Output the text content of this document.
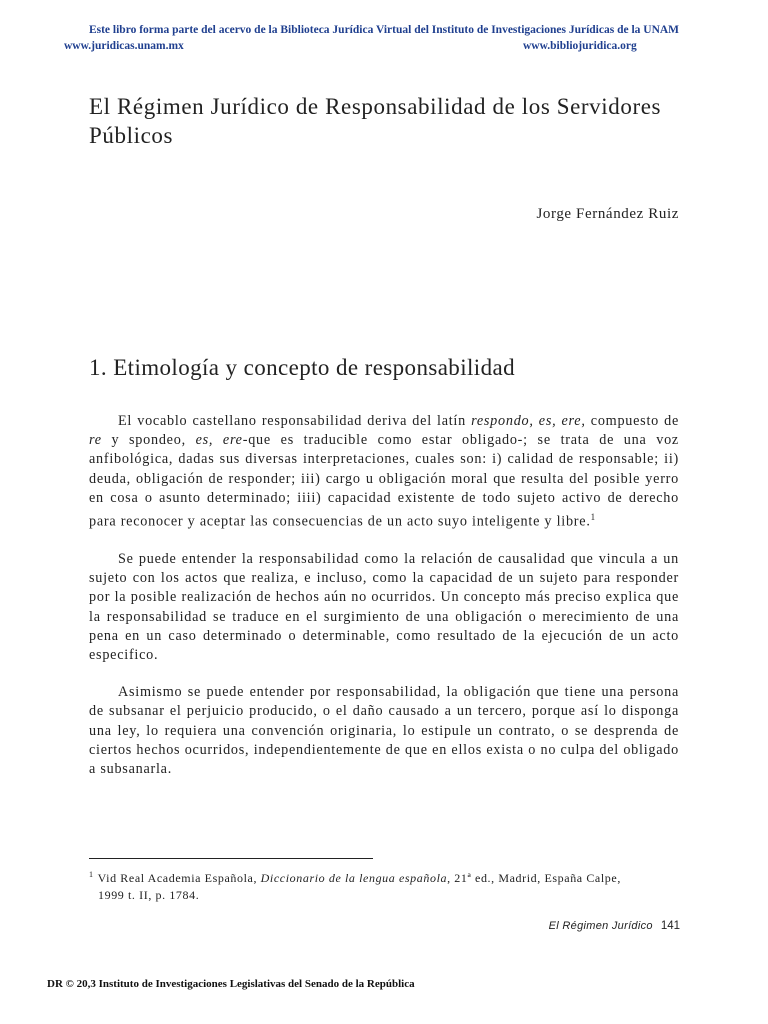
Este libro forma parte del acervo de la Biblioteca Jurídica Virtual del Instituto de Investigaciones Jurídicas de la UNAM
www.juridicas.unam.mx	www.bibliojuridica.org
El Régimen Jurídico de Responsabilidad de los Servidores Públicos
Jorge Fernández Ruiz
1. Etimología y concepto de responsabilidad

El vocablo castellano responsabilidad deriva del latín respondo, es, ere, compuesto de re y spondeo, es, ere-que es traducible como estar obligado-; se trata de una voz anfibológica, dadas sus diversas interpretaciones, cuales son: i) calidad de responsable; ii) deuda, obligación de responder; iii) cargo u obligación moral que resulta del posible yerro en cosa o asunto determinado; iiii) capacidad existente de todo sujeto activo de derecho para reconocer y aceptar las consecuencias de un acto suyo inteligente y libre.$^1$

Se puede entender la responsabilidad como la relación de causalidad que vincula a un sujeto con los actos que realiza, e incluso, como la capacidad de un sujeto para responder por la posible realización de hechos aún no ocurridos. Un concepto más preciso explica que la responsabilidad se traduce en el surgimiento de una obligación o merecimiento de una pena en un caso determinado o determinable, como resultado de la ejecución de un acto especifico.

Asimismo se puede entender por responsabilidad, la obligación que tiene una persona de subsanar el perjuicio producido, o el daño causado a un tercero, porque así lo disponga una ley, lo requiera una convención originaria, lo estipule un contrato, o se desprenda de ciertos hechos ocurridos, independientemente de que en ellos exista o no culpa del obligado a subsanarla.

$^1$ Vid Real Academia Española, Diccionario de la lengua española, 21ª ed., Madrid, España Calpe,
1999 t. II, p. 1784.
El Régimen Jurídico 141
DR © 20,3 Instituto de Investigaciones Legislativas del Senado de la República
